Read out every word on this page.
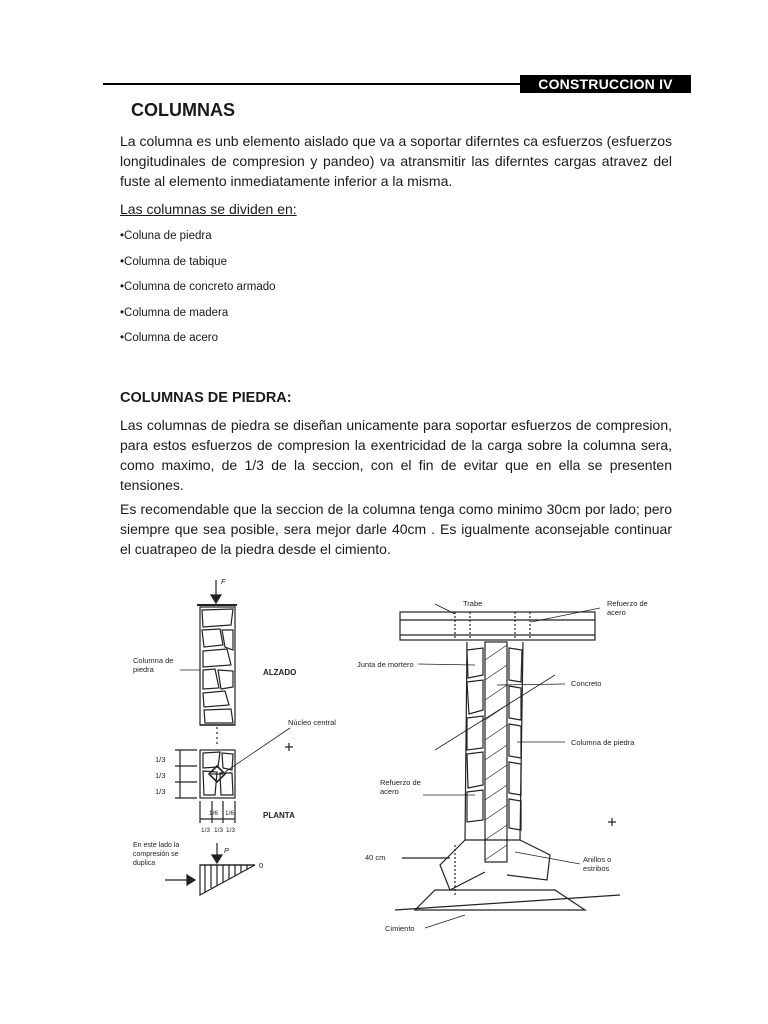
CONSTRUCCION IV
COLUMNAS

La columna es unb elemento aislado que va a soportar diferntes ca esfuerzos (esfuerzos longitudinales de compresion y pandeo) va atransmitir las diferntes cargas atravez del fuste al elemento inmediatamente inferior a la misma.

Las columnas se dividen en:

•Coluna de piedra
•Columna de tabique
•Columna de concreto armado
•Columna de madera
•Columna de acero
COLUMNAS DE PIEDRA:

Las columnas de piedra se diseñan unicamente para soportar esfuerzos de compresion, para estos esfuerzos de compresion la exentricidad de la carga sobre la columna sera, como maximo, de 1/3 de la seccion, con el fin de evitar que en ella se presenten tensiones.

Es recomendable que la seccion de la columna tenga como minimo 30cm por lado; pero siempre que sea posible, sera mejor darle 40cm . Es igualmente aconsejable continuar el cuatrapeo de la piedra desde el cimiento.

F
Columna de
piedra	ALZADO
Núcleo central
1/3
1/3
1/3
1/6 1/6	PLANTA
1/3 1/3 1/3
En este lado la
compresión se
duplica
P
0
Trabe	Refuerzo de
acero
Junta de mortero
Concreto
Columna de piedra
Refuerzo de
acero
40 cm	Anillos o
estribos
Cimiento
